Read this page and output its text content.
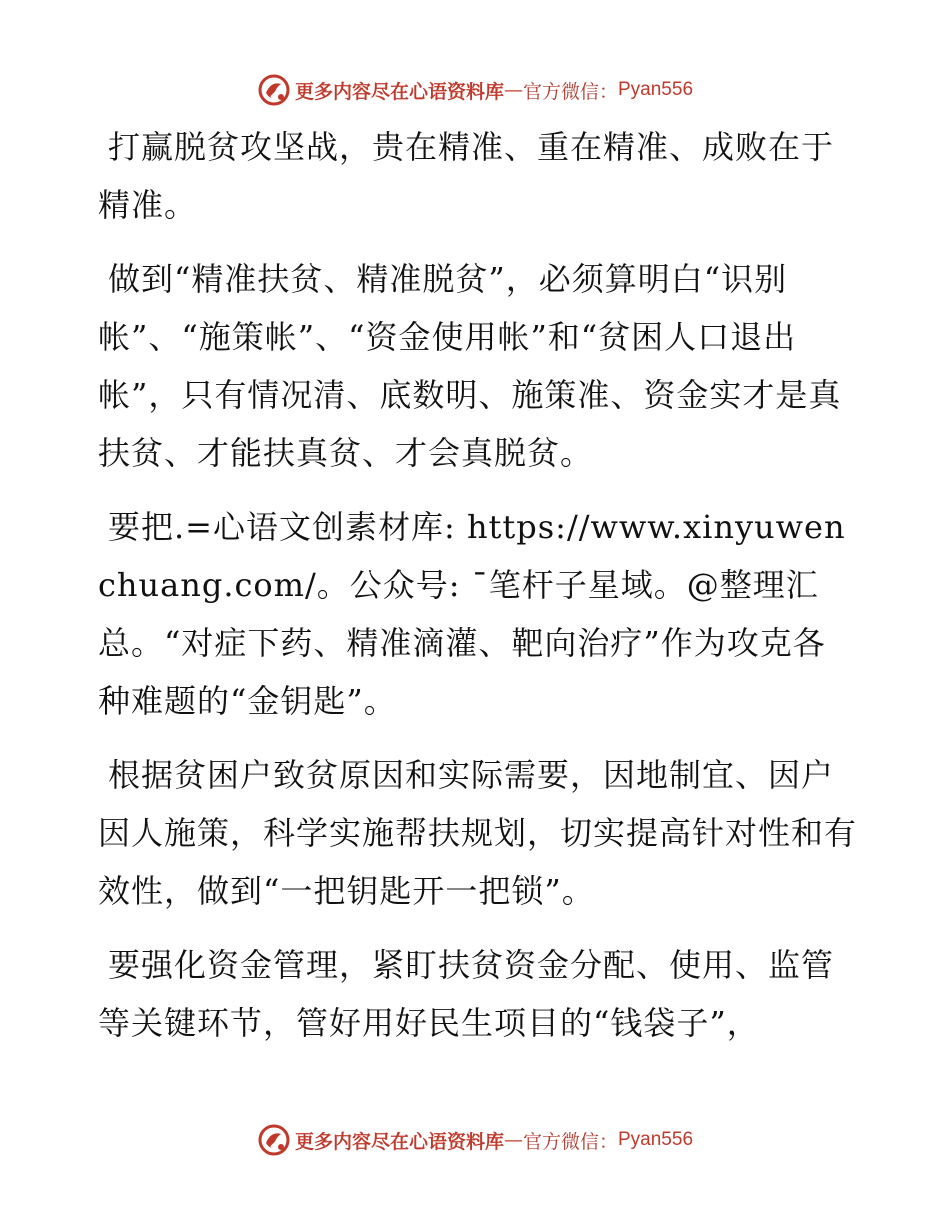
更多内容尽在心语资料库 — 官方微信： Pyan556

打赢脱贫攻坚战，贵在精准、重在精准、成败在于精准。

做到“精准扶贫、精准脱贫”，必须算明白“识别帐”、“施策帐”、“资金使用帐”和“贫困人口退出帐”，只有情况清、底数明、施策准、资金实才是真扶贫、才能扶真贫、才会真脱贫。

要把.=心语文创素材库: https://www.xinyuwenchuang.com/。公众号: ¯笔杆子星域。@整理汇总。“对症下药、精准滴灌、靶向治疗”作为攻克各种难题的“金钥匙”。

根据贫困户致贫原因和实际需要，因地制宜、因户因人施策，科学实施帮扶规划，切实提高针对性和有效性，做到“一把钥匙开一把锁”。

要强化资金管理，紧盯扶贫资金分配、使用、监管等关键环节，管好用好民生项目的“钱袋子”，

更多内容尽在心语资料库 — 官方微信： Pyan556
